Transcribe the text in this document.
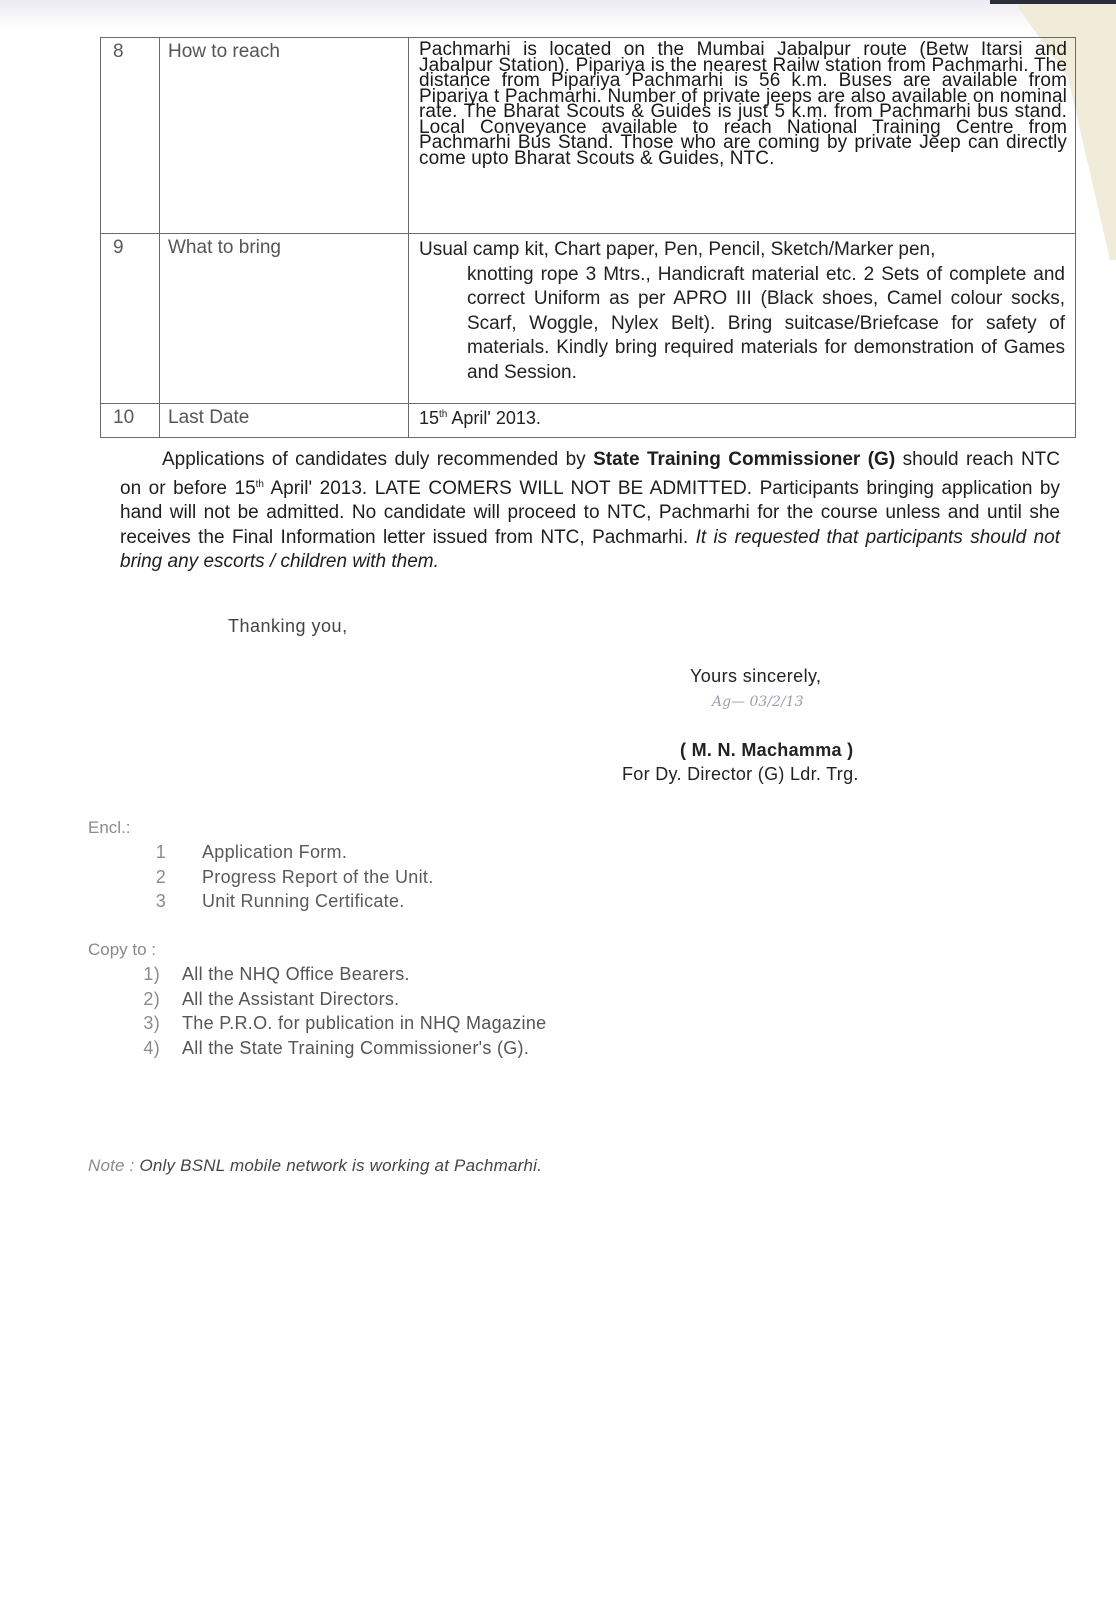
8	How to reach	Pachmarhi is located on the Mumbai Jabalpur route (Betw Itarsi and Jabalpur Station). Pipariya is the nearest Railw station from Pachmarhi. The distance from Pipariya Pachmarhi is 56 k.m. Buses are available from Pipariya t Pachmarhi. Number of private jeeps are also available on nominal rate. The Bharat Scouts & Guides is just 5 k.m. from Pachmarhi bus stand. Local Conveyance available to reach National Training Centre from Pachmarhi Bus Stand. Those who are coming by private Jeep can directly come upto Bharat Scouts & Guides, NTC.

9	What to bring	Usual camp kit, Chart paper, Pen, Pencil, Sketch/Marker pen,
knotting rope 3 Mtrs., Handicraft material etc. 2 Sets of complete and correct Uniform as per APRO III (Black shoes, Camel colour socks, Scarf, Woggle, Nylex Belt). Bring suitcase/Briefcase for safety of materials. Kindly bring required materials for demonstration of Games and Session.

10	Last Date	15th April' 2013.
Applications of candidates duly recommended by State Training Commissioner (G) should reach NTC on or before 15th April' 2013. LATE COMERS WILL NOT BE ADMITTED. Participants bringing application by hand will not be admitted. No candidate will proceed to NTC, Pachmarhi for the course unless and until she receives the Final Information letter issued from NTC, Pachmarhi. It is requested that participants should not bring any escorts / children with them.
Thanking you,
Yours sincerely,
Ag— 03/2/13
( M. N. Machamma )
For Dy. Director (G) Ldr. Trg.
Encl.:
1	Application Form.
2	Progress Report of the Unit.
3	Unit Running Certificate.
Copy to :
1)	All the NHQ Office Bearers.
2)	All the Assistant Directors.
3)	The P.R.O. for publication in NHQ Magazine
4)	All the State Training Commissioner's (G).
Note : Only BSNL mobile network is working at Pachmarhi.
